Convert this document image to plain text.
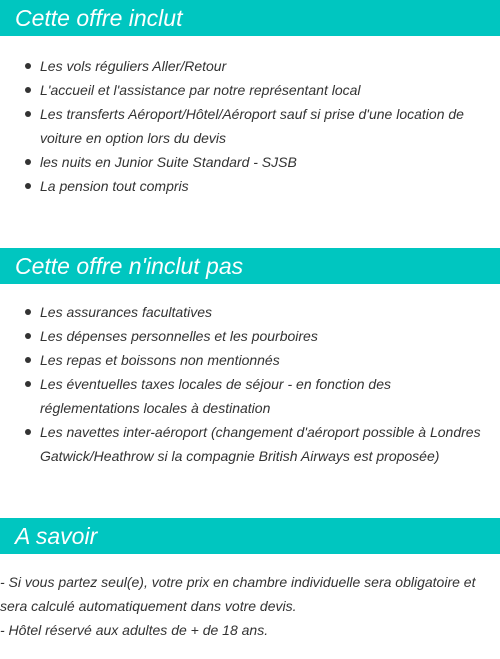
Cette offre inclut
Les vols réguliers Aller/Retour
L'accueil et l'assistance par notre représentant local
Les transferts Aéroport/Hôtel/Aéroport sauf si prise d'une location de voiture en option lors du devis
les nuits en Junior Suite Standard - SJSB
La pension tout compris
Cette offre n'inclut pas
Les assurances facultatives
Les dépenses personnelles et les pourboires
Les repas et boissons non mentionnés
Les éventuelles taxes locales de séjour - en fonction des réglementations locales à destination
Les navettes inter-aéroport (changement d'aéroport possible à Londres Gatwick/Heathrow si la compagnie British Airways est proposée)
A savoir

- Si vous partez seul(e), votre prix en chambre individuelle sera obligatoire et sera calculé automatiquement dans votre devis.

- Hôtel réservé aux adultes de + de 18 ans.
